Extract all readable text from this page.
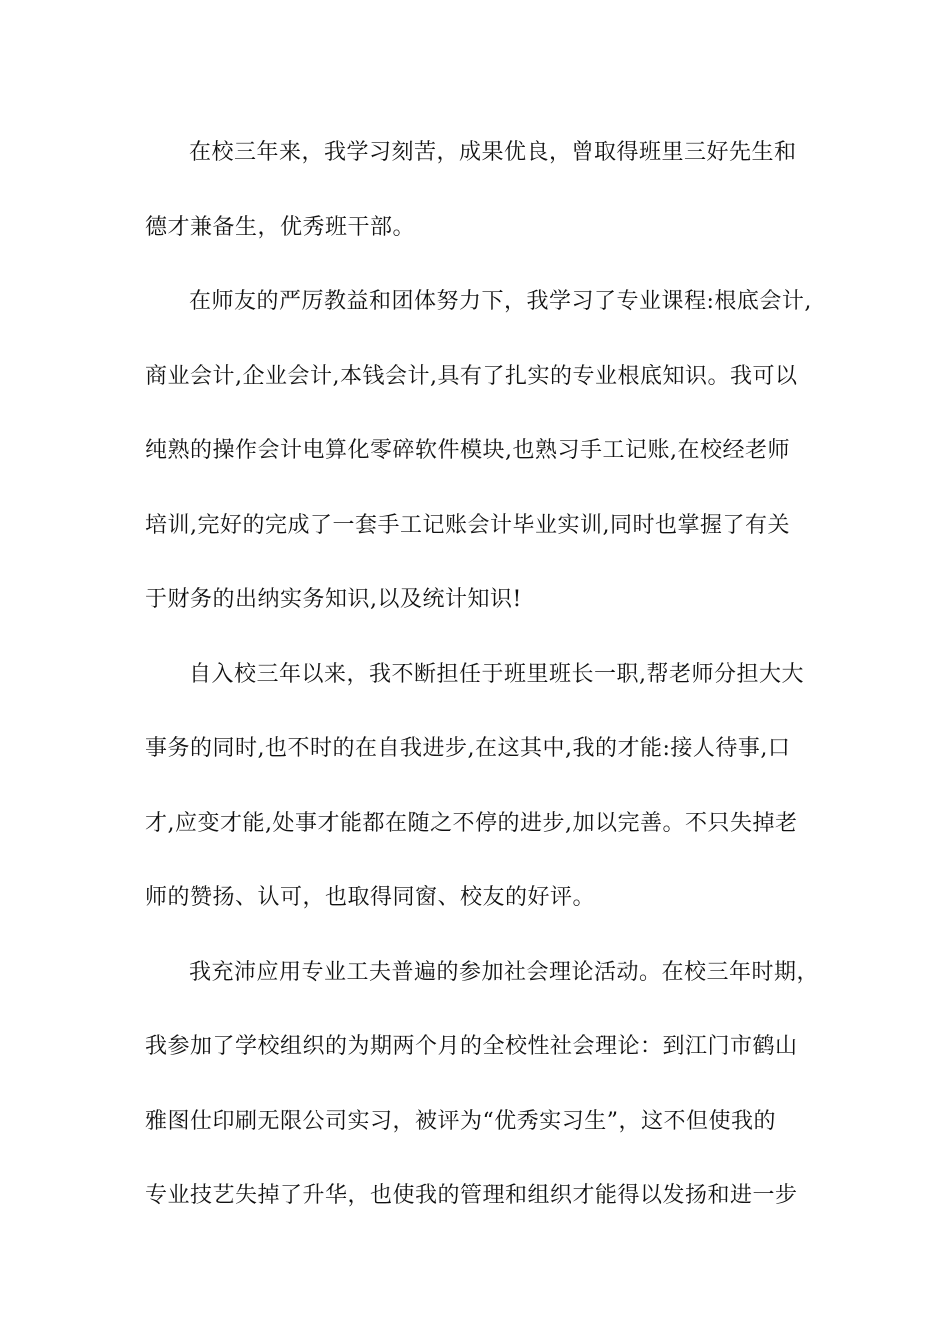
在校三年来，我学习刻苦，成果优良，曾取得班里三好先生和
德才兼备生，优秀班干部。
在师友的严厉教益和团体努力下，我学习了专业课程:根底会计,
商业会计,企业会计,本钱会计,具有了扎实的专业根底知识。我可以
纯熟的操作会计电算化零碎软件模块,也熟习手工记账,在校经老师
培训,完好的完成了一套手工记账会计毕业实训,同时也掌握了有关
于财务的出纳实务知识,以及统计知识!
自入校三年以来，我不断担任于班里班长一职,帮老师分担大大
事务的同时,也不时的在自我进步,在这其中,我的才能:接人待事,口
才,应变才能,处事才能都在随之不停的进步,加以完善。不只失掉老
师的赞扬、认可，也取得同窗、校友的好评。
我充沛应用专业工夫普遍的参加社会理论活动。在校三年时期，
我参加了学校组织的为期两个月的全校性社会理论：到江门市鹤山
雅图仕印刷无限公司实习，被评为“优秀实习生”，这不但使我的
专业技艺失掉了升华，也使我的管理和组织才能得以发扬和进一步
